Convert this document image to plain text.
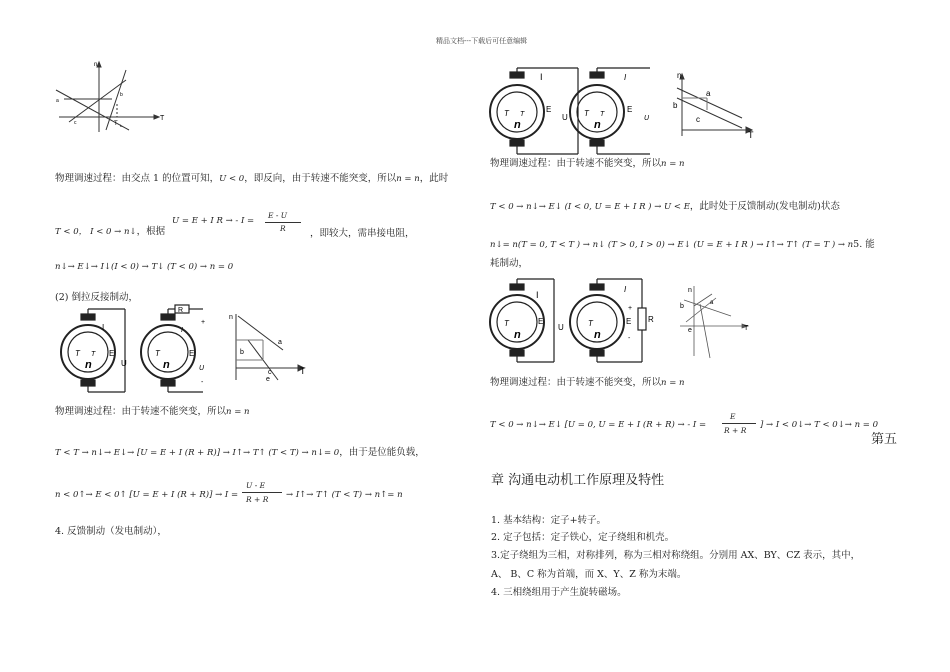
精品文档---下载后可任意编辑
n
T
T L
a
b
c
物理调速过程：由交点 1 的位置可知，U < 0，即反向，由于转速不能突变，所以n = n，此时
T < 0， I < 0 → n↓，根据
U = E + I R → - I =
E - U
R	，即较大，需串接电阻，
n↓→ E↓→ I↓(I < 0) → T↓ (T < 0) → n = 0
(2) 倒拉反接制动，
I
T T
n
E
U
R
I
T
n
E
U
+
-
n
T
a
b
e
c
物理调速过程：由于转速不能突变，所以n = n
T < T → n↓→ E↓→ [U = E + I (R + R)] → I↑→ T↑ (T < T) → n↓= 0，由于是位能负载，
n < 0↑→ E < 0↑ [U = E + I (R + R)] → I =
U - E
R + R → I↑→ T↑ (T < T) → n↑= n
4. 反馈制动（发电制动），
I
T T
n
E
U
I
T T
n
E
U
n
T
a
b
c
物理调速过程：由于转速不能突变，所以n = n
T < 0 → n↓→ E↓ (I < 0, U = E + I R ) → U < E，此时处于反馈制动(发电制动)状态
n↓= n(T = 0, T < T ) → n↓ (T > 0, I > 0) → E↓ (U = E + I R ) → I↑→ T↑ (T = T ) → n5. 能
耗制动，
I
T
n
E
U
I
T
n
E R
+
-
n
b	a
e	T
物理调速过程：由于转速不能突变，所以n = n
T < 0 → n↓→ E↓ [U = 0, U = E + I (R + R) → - I =
E
R + R
] → I < 0↓→ T < 0↓→ n = 0
第五
章 沟通电动机工作原理及特性
1. 基本结构：定子+转子。
2. 定子包括：定子铁心，定子绕组和机壳。
3.定子绕组为三相，对称排列，称为三相对称绕组。分别用 AX、BY、CZ 表示，其中，
A、 B、C 称为首端，而 X、Y、Z 称为末端。
4. 三相绕组用于产生旋转磁场。
